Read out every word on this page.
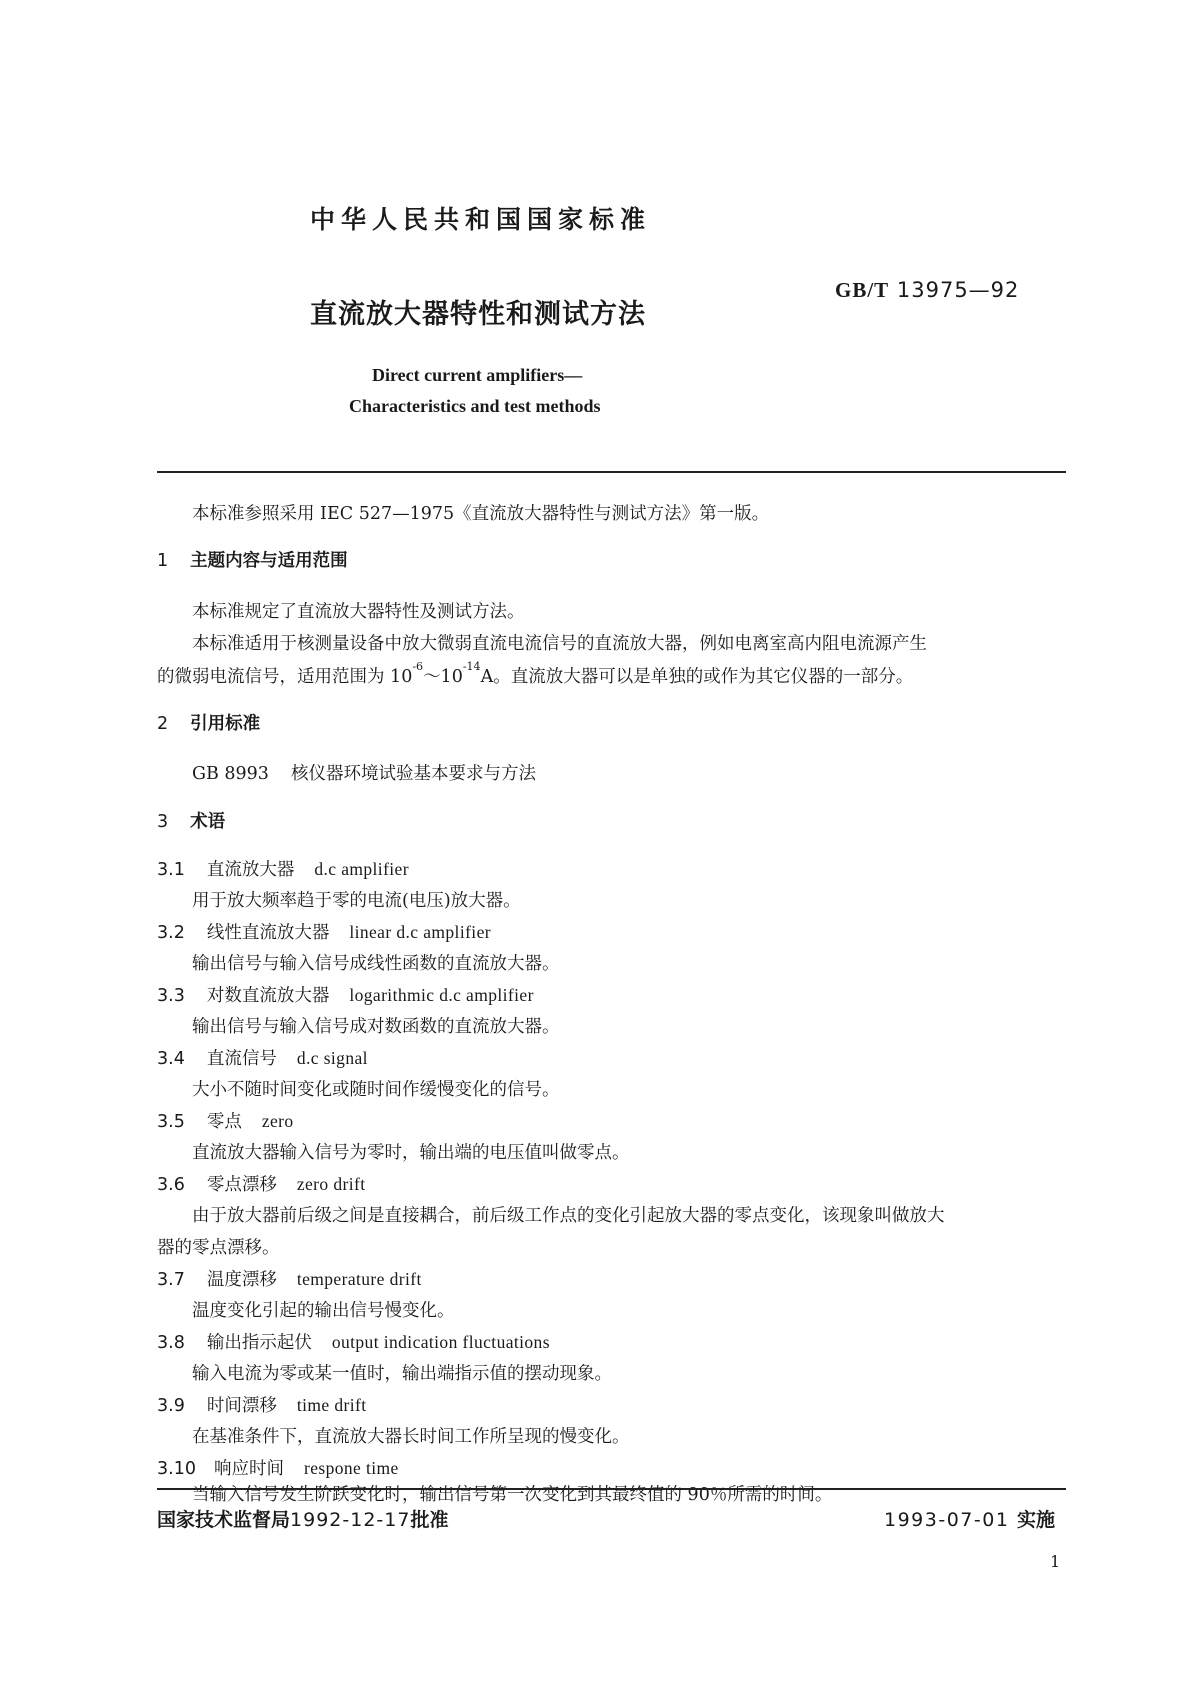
中华人民共和国国家标准
直流放大器特性和测试方法
GB/T 13975—92
Direct current amplifiers—
Characteristics and test methods
本标准参照采用 IEC 527—1975《直流放大器特性与测试方法》第一版。
1 主题内容与适用范围
本标准规定了直流放大器特性及测试方法。
本标准适用于核测量设备中放大微弱直流电流信号的直流放大器，例如电离室高内阻电流源产生
的微弱电流信号，适用范围为 $10^{-6}\sim 10^{-14}A$。直流放大器可以是单独的或作为其它仪器的一部分。
2 引用标准
GB 8993 核仪器环境试验基本要求与方法
3 术语
3.1 直流放大器 d.c amplifier
用于放大频率趋于零的电流(电压)放大器。
3.2 线性直流放大器 linear d.c amplifier
输出信号与输入信号成线性函数的直流放大器。
3.3 对数直流放大器 logarithmic d.c amplifier
输出信号与输入信号成对数函数的直流放大器。
3.4 直流信号 d.c signal
大小不随时间变化或随时间作缓慢变化的信号。
3.5 零点 zero
直流放大器输入信号为零时，输出端的电压值叫做零点。
3.6 零点漂移 zero drift
由于放大器前后级之间是直接耦合，前后级工作点的变化引起放大器的零点变化，该现象叫做放大
器的零点漂移。
3.7 温度漂移 temperature drift
温度变化引起的输出信号慢变化。
3.8 输出指示起伏 output indication fluctuations
输入电流为零或某一值时，输出端指示值的摆动现象。
3.9 时间漂移 time drift
在基准条件下，直流放大器长时间工作所呈现的慢变化。
3.10 响应时间 respone time
当输入信号发生阶跃变化时，输出信号第一次变化到其最终值的 90％所需的时间。
国家技术监督局1992-12-17批准	1993-07-01 实施
1
